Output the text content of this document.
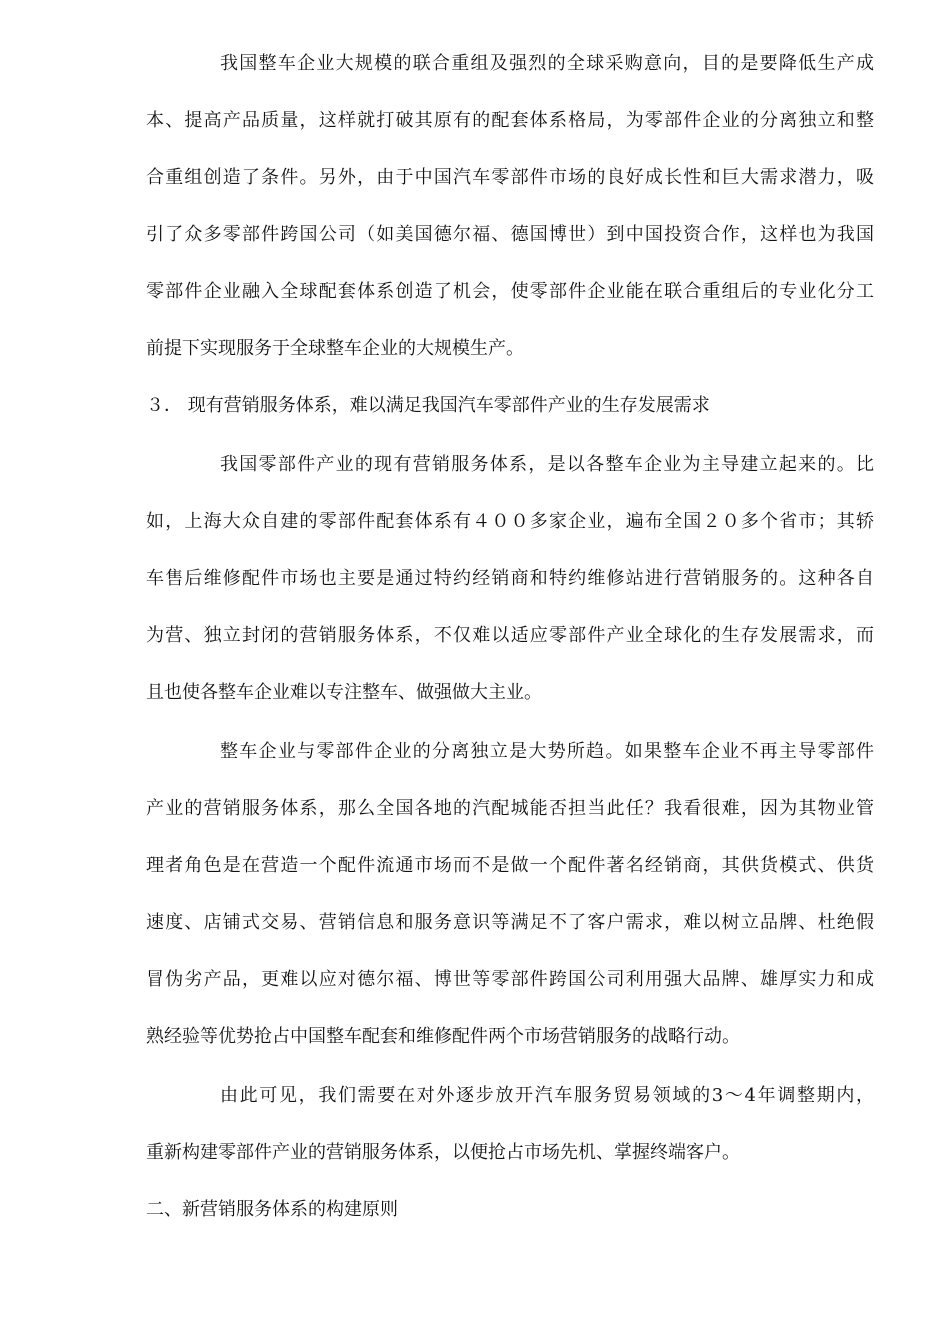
我国整车企业大规模的联合重组及强烈的全球采购意向，目的是要降低生产成
本、提高产品质量，这样就打破其原有的配套体系格局，为零部件企业的分离独立和整
合重组创造了条件。另外，由于中国汽车零部件市场的良好成长性和巨大需求潜力，吸
引了众多零部件跨国公司（如美国德尔福、德国博世）到中国投资合作，这样也为我国
零部件企业融入全球配套体系创造了机会，使零部件企业能在联合重组后的专业化分工
前提下实现服务于全球整车企业的大规模生产。
３． 现有营销服务体系，难以满足我国汽车零部件产业的生存发展需求
我国零部件产业的现有营销服务体系，是以各整车企业为主导建立起来的。比
如，上海大众自建的零部件配套体系有４００多家企业，遍布全国２０多个省市；其轿
车售后维修配件市场也主要是通过特约经销商和特约维修站进行营销服务的。这种各自
为营、独立封闭的营销服务体系，不仅难以适应零部件产业全球化的生存发展需求，而
且也使各整车企业难以专注整车、做强做大主业。
整车企业与零部件企业的分离独立是大势所趋。如果整车企业不再主导零部件
产业的营销服务体系，那么全国各地的汽配城能否担当此任？我看很难，因为其物业管
理者角色是在营造一个配件流通市场而不是做一个配件著名经销商，其供货模式、供货
速度、店铺式交易、营销信息和服务意识等满足不了客户需求，难以树立品牌、杜绝假
冒伪劣产品，更难以应对德尔福、博世等零部件跨国公司利用强大品牌、雄厚实力和成
熟经验等优势抢占中国整车配套和维修配件两个市场营销服务的战略行动。
由此可见，我们需要在对外逐步放开汽车服务贸易领域的3～4年调整期内，
重新构建零部件产业的营销服务体系，以便抢占市场先机、掌握终端客户。
二、新营销服务体系的构建原则
